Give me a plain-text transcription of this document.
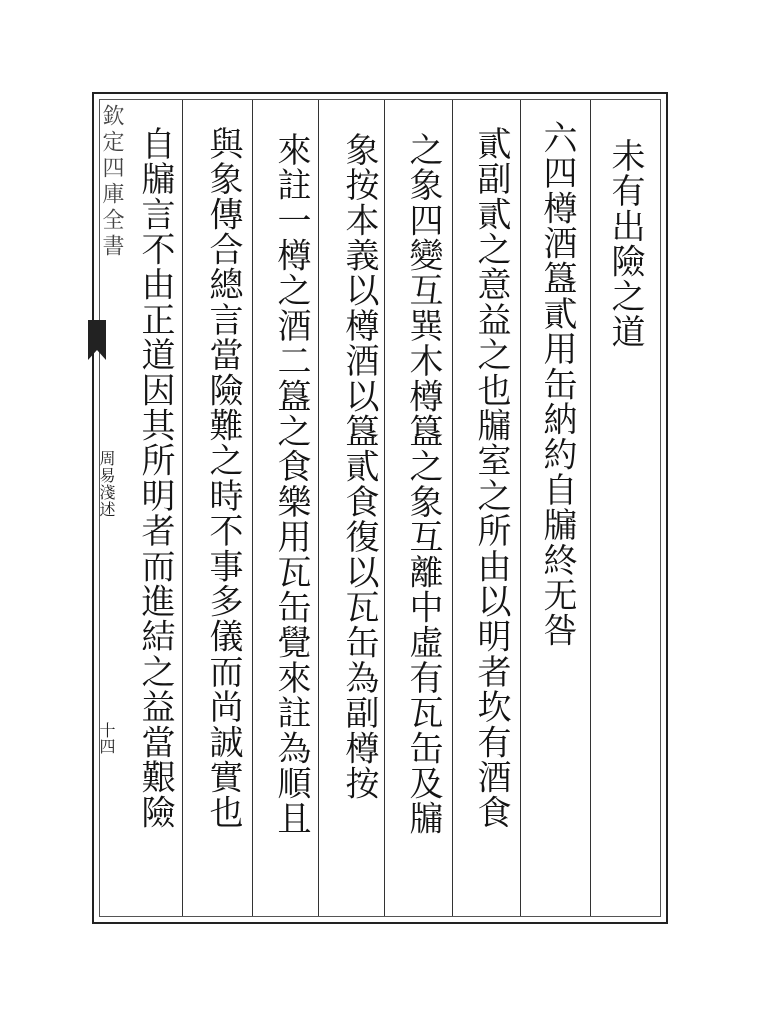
欽定四庫全書
周易淺述
十四
未有出險之道
六四樽酒簋貳用缶納約自牖終无咎
貳副貳之意益之也牖室之所由以明者坎有酒食
之象四變互巽木樽簋之象互離中虛有瓦缶及牖
象按本義以樽酒以簋貳食復以瓦缶為副樽按
來註一樽之酒二簋之食樂用瓦缶覺來註為順且
與象傳合總言當險難之時不事多儀而尚誠實也
自牖言不由正道因其所明者而進結之益當艱險
